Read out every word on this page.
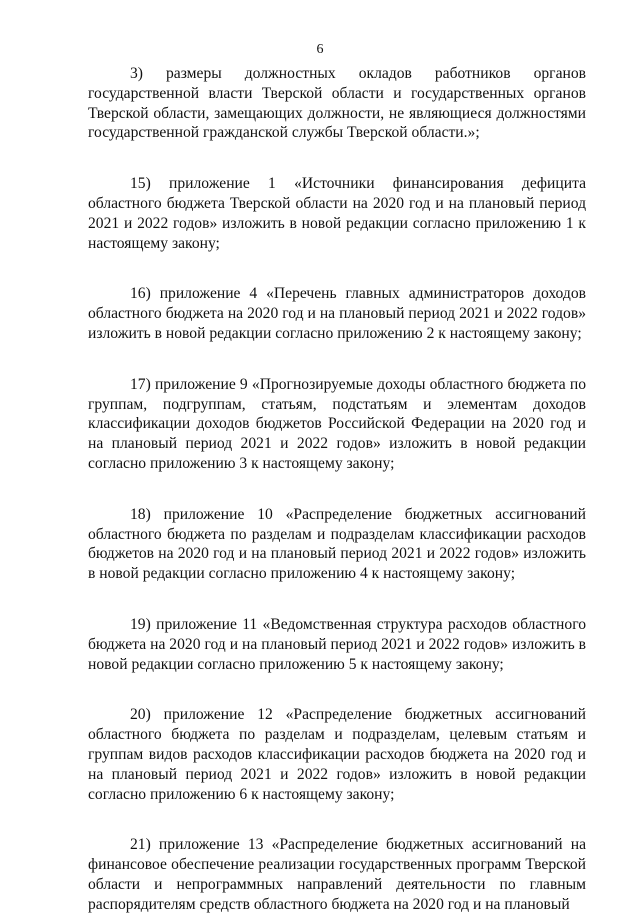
6

3) размеры должностных окладов работников органов государственной власти Тверской области и государственных органов Тверской области, замещающих должности, не являющиеся должностями государственной гражданской службы Тверской области.»;

15) приложение 1 «Источники финансирования дефицита областного бюджета Тверской области на 2020 год и на плановый период 2021 и 2022 годов» изложить в новой редакции согласно приложению 1 к настоящему закону;

16) приложение 4 «Перечень главных администраторов доходов областного бюджета на 2020 год и на плановый период 2021 и 2022 годов» изложить в новой редакции согласно приложению 2 к настоящему закону;

17) приложение 9 «Прогнозируемые доходы областного бюджета по группам, подгруппам, статьям, подстатьям и элементам доходов классификации доходов бюджетов Российской Федерации на 2020 год и на плановый период 2021 и 2022 годов» изложить в новой редакции согласно приложению 3 к настоящему закону;

18) приложение 10 «Распределение бюджетных ассигнований областного бюджета по разделам и подразделам классификации расходов бюджетов на 2020 год и на плановый период 2021 и 2022 годов» изложить в новой редакции согласно приложению 4 к настоящему закону;

19) приложение 11 «Ведомственная структура расходов областного бюджета на 2020 год и на плановый период 2021 и 2022 годов» изложить в новой редакции согласно приложению 5 к настоящему закону;

20) приложение 12 «Распределение бюджетных ассигнований областного бюджета по разделам и подразделам, целевым статьям и группам видов расходов классификации расходов бюджета на 2020 год и на плановый период 2021 и 2022 годов» изложить в новой редакции согласно приложению 6 к настоящему закону;

21) приложение 13 «Распределение бюджетных ассигнований на финансовое обеспечение реализации государственных программ Тверской области и непрограммных направлений деятельности по главным распорядителям средств областного бюджета на 2020 год и на плановый
